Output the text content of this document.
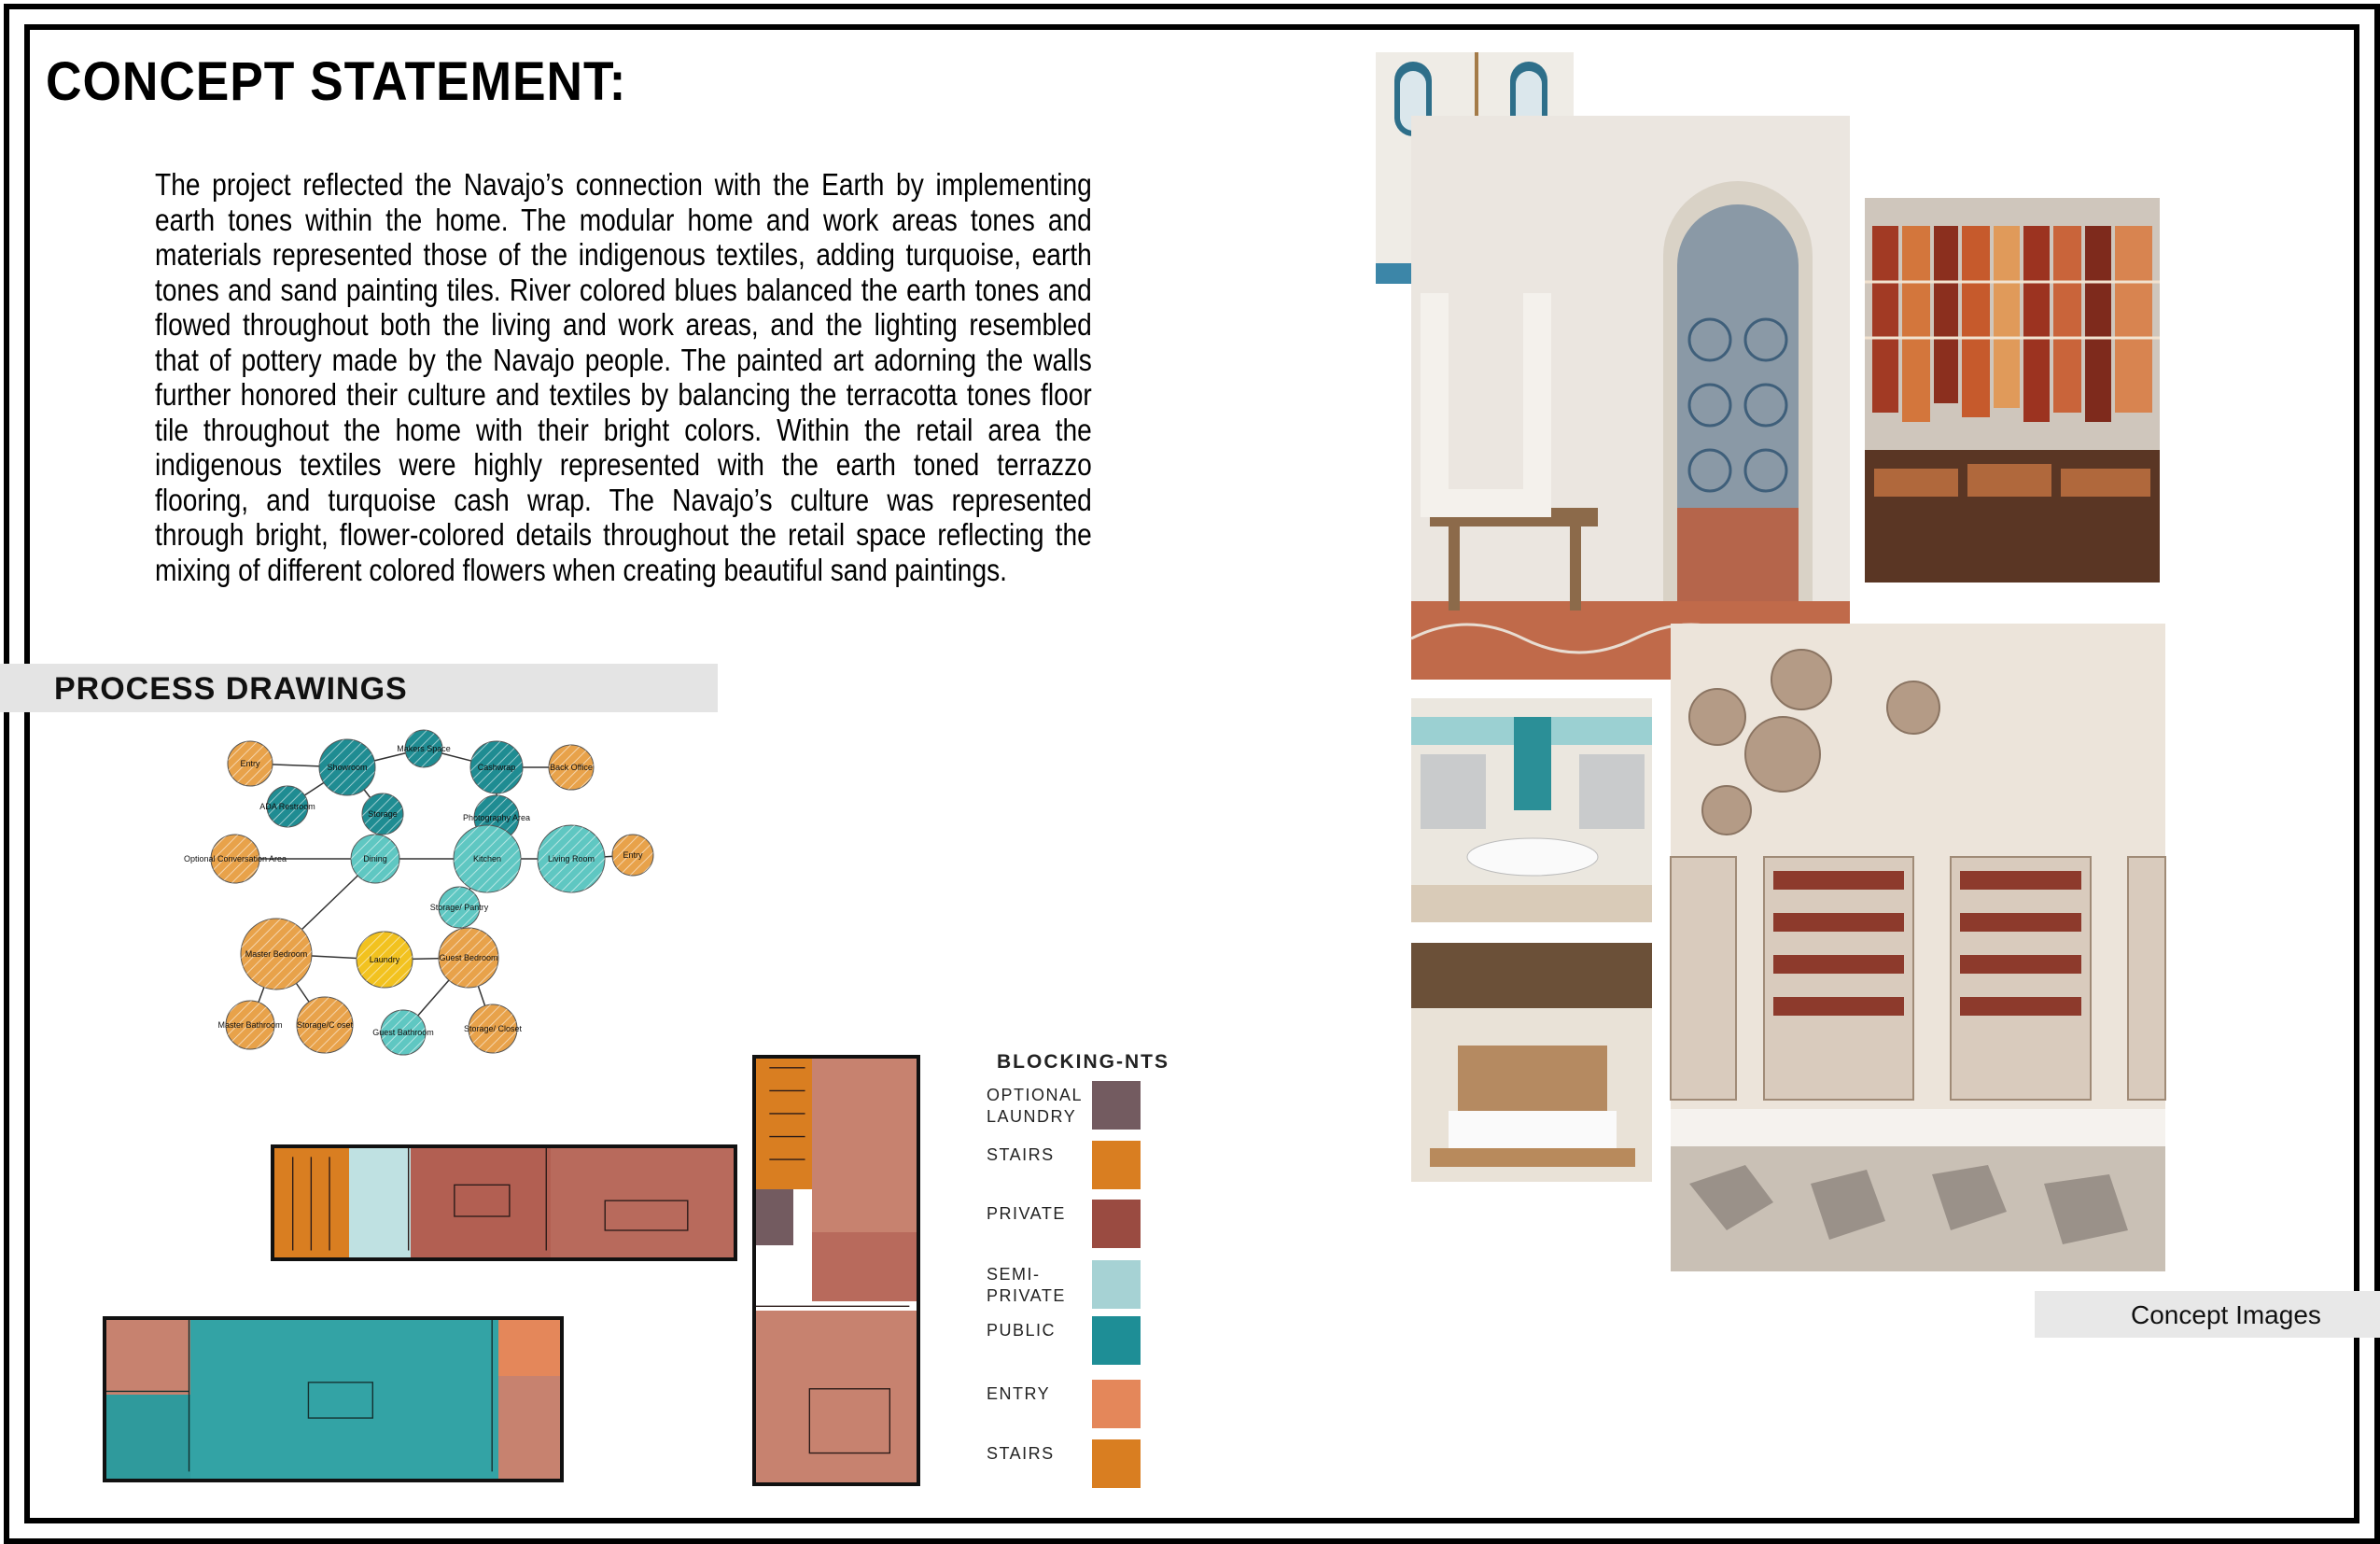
CONCEPT STATEMENT:
The project reflected the Navajo’s connection with the Earth by implementing earth tones within the home. The modular home and work areas tones and materials represented those of the indigenous textiles, adding turquoise, earth tones and sand painting tiles. River colored blues balanced the earth tones and flowed throughout both the living and work areas, and the lighting resembled that of pottery made by the Navajo people. The painted art adorning the walls further honored their culture and textiles by balancing the terracotta tones floor tile throughout the home with their bright colors. Within the retail area the indigenous textiles were highly represented with the earth toned terrazzo flooring, and turquoise cash wrap. The Navajo’s culture was represented through bright, flower-colored details throughout the retail space reflecting the mixing of different colored flowers when creating beautiful sand paintings.
PROCESS DRAWINGS
Entry	Showroom
Makers Space
Cashwrap	Back Office
ADA Restroom
Storage	Photography Area
Optional Conversation Area	Dining	Kitchen	Living Room	Entry
Storage/ Pantry
Master Bedroom
Laundry	Guest Bedroom
Master Bathroom Storage/C oset
Guest Bathroom	Storage/ Closet
BLOCKING-NTS
OPTIONAL
LAUNDRY
STAIRS
PRIVATE
SEMI-
PRIVATE
PUBLIC
ENTRY
STAIRS
Concept Images
